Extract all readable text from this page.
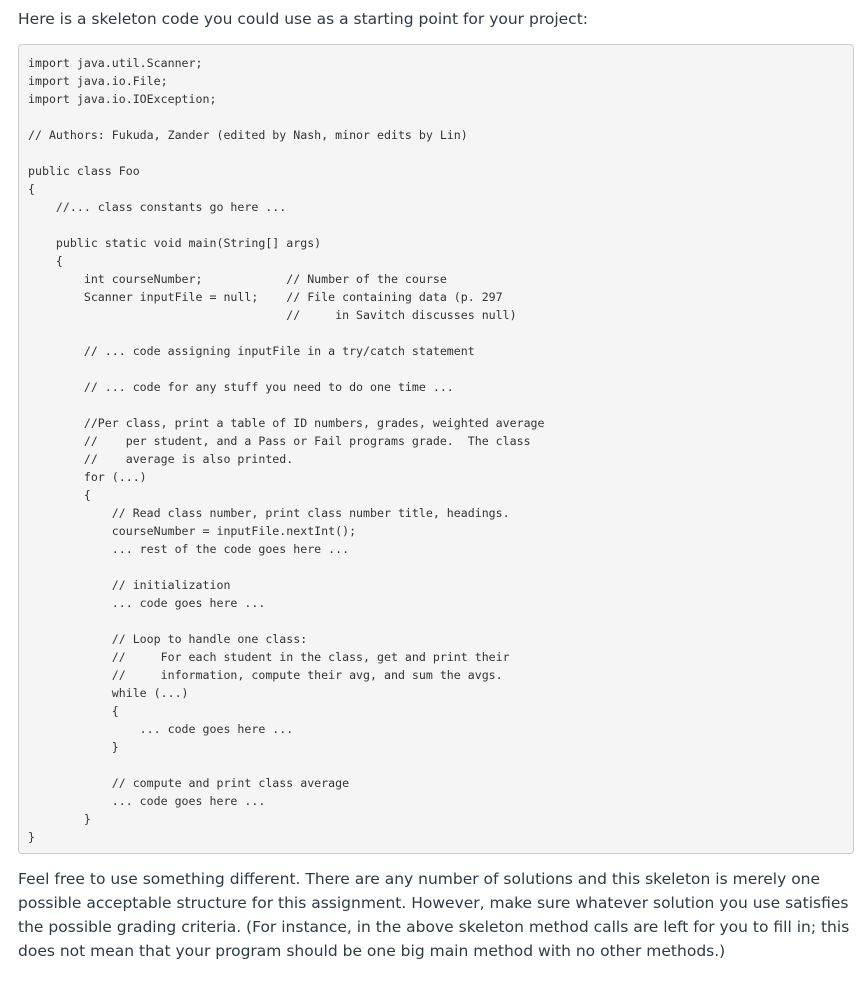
Here is a skeleton code you could use as a starting point for your project:

import java.util.Scanner;
import java.io.File;
import java.io.IOException;
// Authors: Fukuda, Zander (edited by Nash, minor edits by Lin)
public class Foo
{
//... class constants go here ...
public static void main(String[] args)
{
int courseNumber;            // Number of the course
Scanner inputFile = null;    // File containing data (p. 297
//     in Savitch discusses null)
// ... code assigning inputFile in a try/catch statement
// ... code for any stuff you need to do one time ...
//Per class, print a table of ID numbers, grades, weighted average
//    per student, and a Pass or Fail programs grade.  The class
//    average is also printed.
for (...)
{
// Read class number, print class number title, headings.
courseNumber = inputFile.nextInt();
... rest of the code goes here ...
// initialization
... code goes here ...
// Loop to handle one class:
//     For each student in the class, get and print their
//     information, compute their avg, and sum the avgs.
while (...)
{
... code goes here ...
}
// compute and print class average
... code goes here ...
}
}

Feel free to use something different. There are any number of solutions and this skeleton is merely one possible acceptable structure for this assignment. However, make sure whatever solution you use satisfies the possible grading criteria. (For instance, in the above skeleton method calls are left for you to fill in; this does not mean that your program should be one big main method with no other methods.)
